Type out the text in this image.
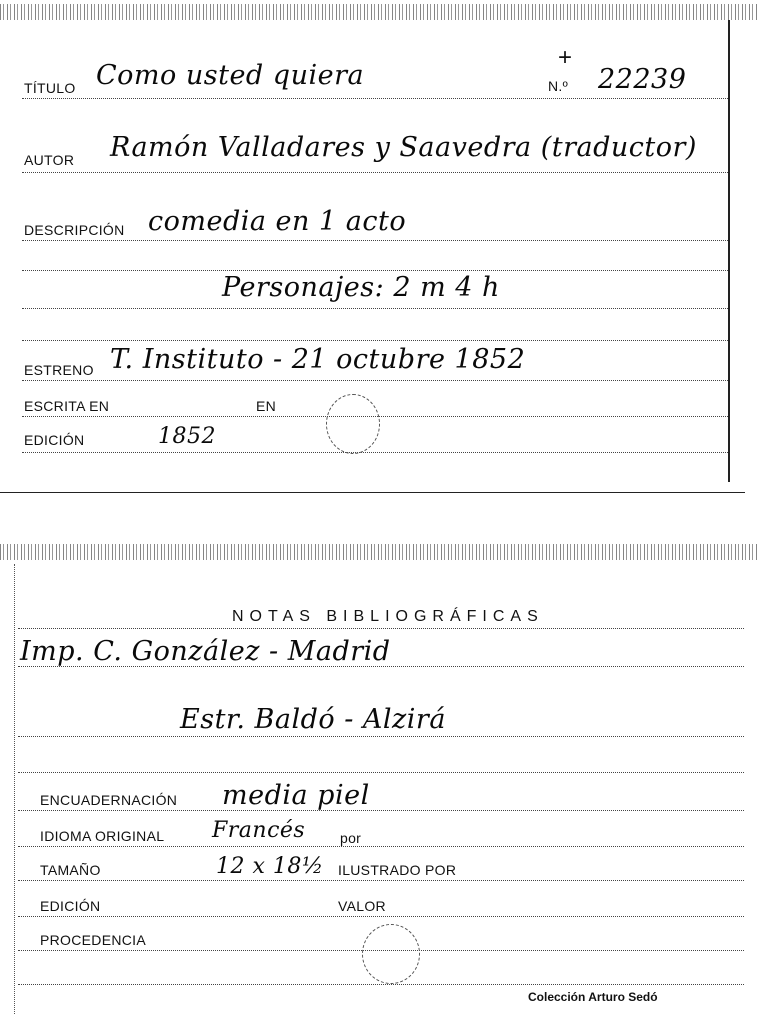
TÍTULO Como usted quiera
+
N.º 22239
AUTOR Ramón Valladares y Saavedra (traductor)
DESCRIPCIÓN comedia en 1 acto
Personajes: 2 m 4 h
ESTRENO T. Instituto - 21 octubre 1852
ESCRITA EN	EN
EDICIÓN	1852
NOTAS BIBLIOGRÁFICAS
Imp. C. González - Madrid
Estr. Baldó - Alzirá
ENCUADERNACIÓN media piel
IDIOMA ORIGINAL Francés por
TAMAÑO	12 x 18½ ILUSTRADO POR
EDICIÓN	VALOR
PROCEDENCIA
Colección Arturo Sedó
